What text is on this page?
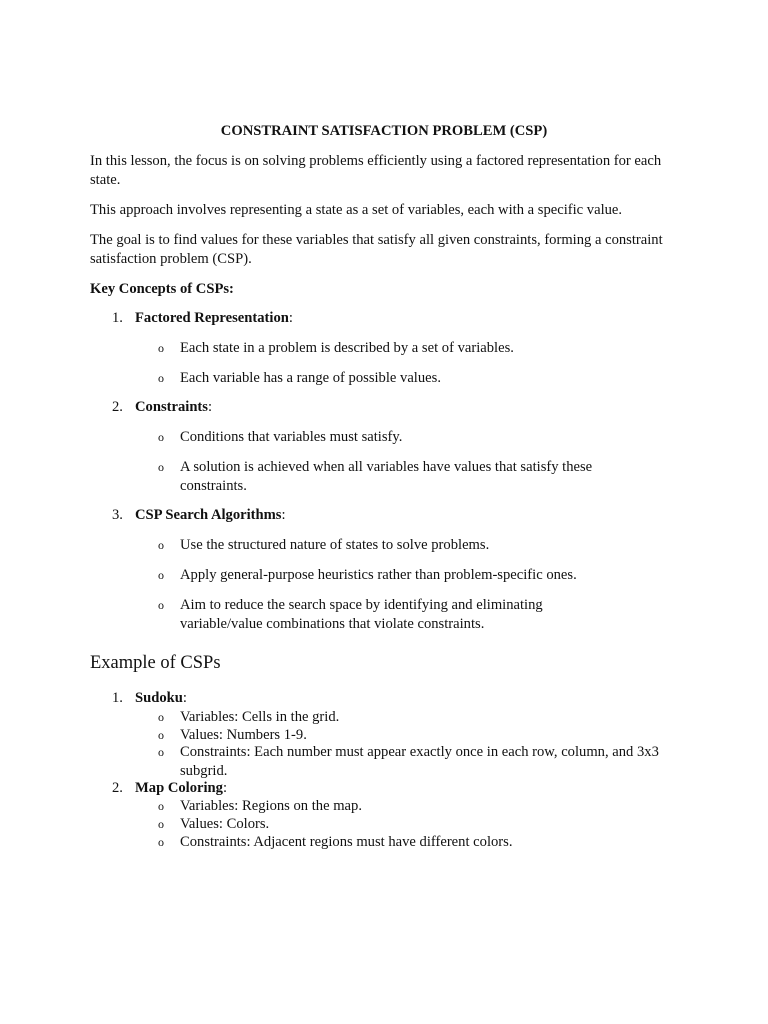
CONSTRAINT SATISFACTION PROBLEM (CSP)
In this lesson, the focus is on solving problems efficiently using a factored representation for each state.
This approach involves representing a state as a set of variables, each with a specific value.
The goal is to find values for these variables that satisfy all given constraints, forming a constraint satisfaction problem (CSP).
Key Concepts of CSPs:
1. Factored Representation:
o Each state in a problem is described by a set of variables.
o Each variable has a range of possible values.
2. Constraints:
o Conditions that variables must satisfy.
o A solution is achieved when all variables have values that satisfy these constraints.
3. CSP Search Algorithms:
o Use the structured nature of states to solve problems.
o Apply general-purpose heuristics rather than problem-specific ones.
o Aim to reduce the search space by identifying and eliminating variable/value combinations that violate constraints.
Example of CSPs
1. Sudoku:
o Variables: Cells in the grid.
o Values: Numbers 1-9.
o Constraints: Each number must appear exactly once in each row, column, and 3x3 subgrid.
2. Map Coloring:
o Variables: Regions on the map.
o Values: Colors.
o Constraints: Adjacent regions must have different colors.
